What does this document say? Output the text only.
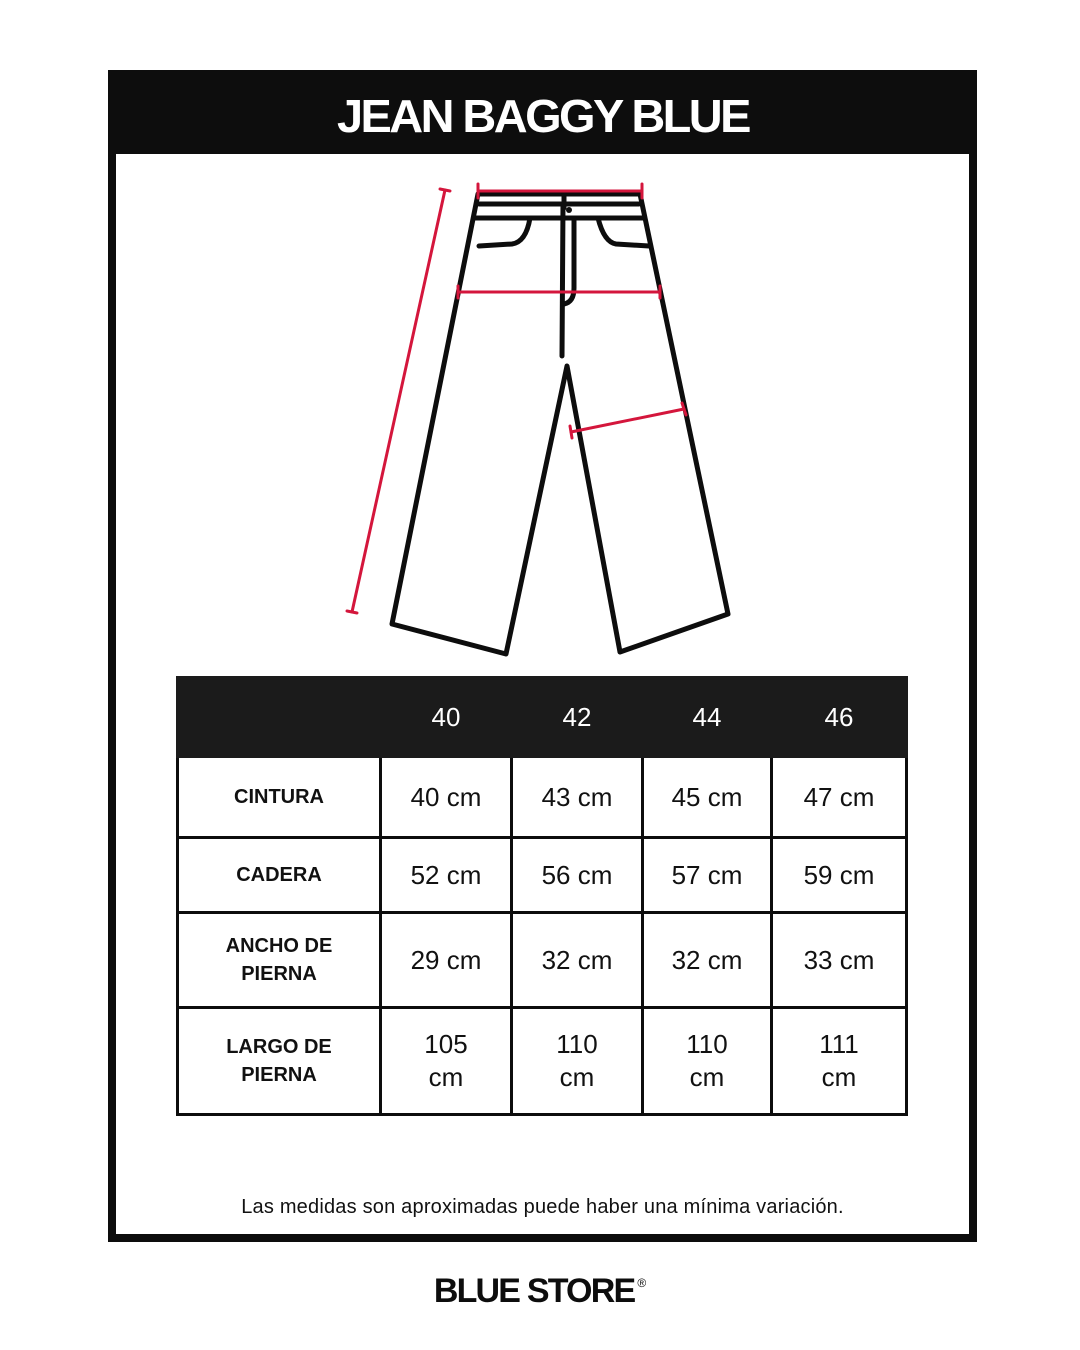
JEAN BAGGY BLUE
	40	42	44	46
CINTURA	40 cm	43 cm	45 cm	47 cm
CADERA	52 cm	56 cm	57 cm	59 cm
ANCHO DE PIERNA	29 cm	32 cm	32 cm	33 cm
LARGO DE PIERNA	105 cm	110 cm	110 cm	111 cm
Las medidas son aproximadas puede haber una mínima variación.
BLUE STORE ®
